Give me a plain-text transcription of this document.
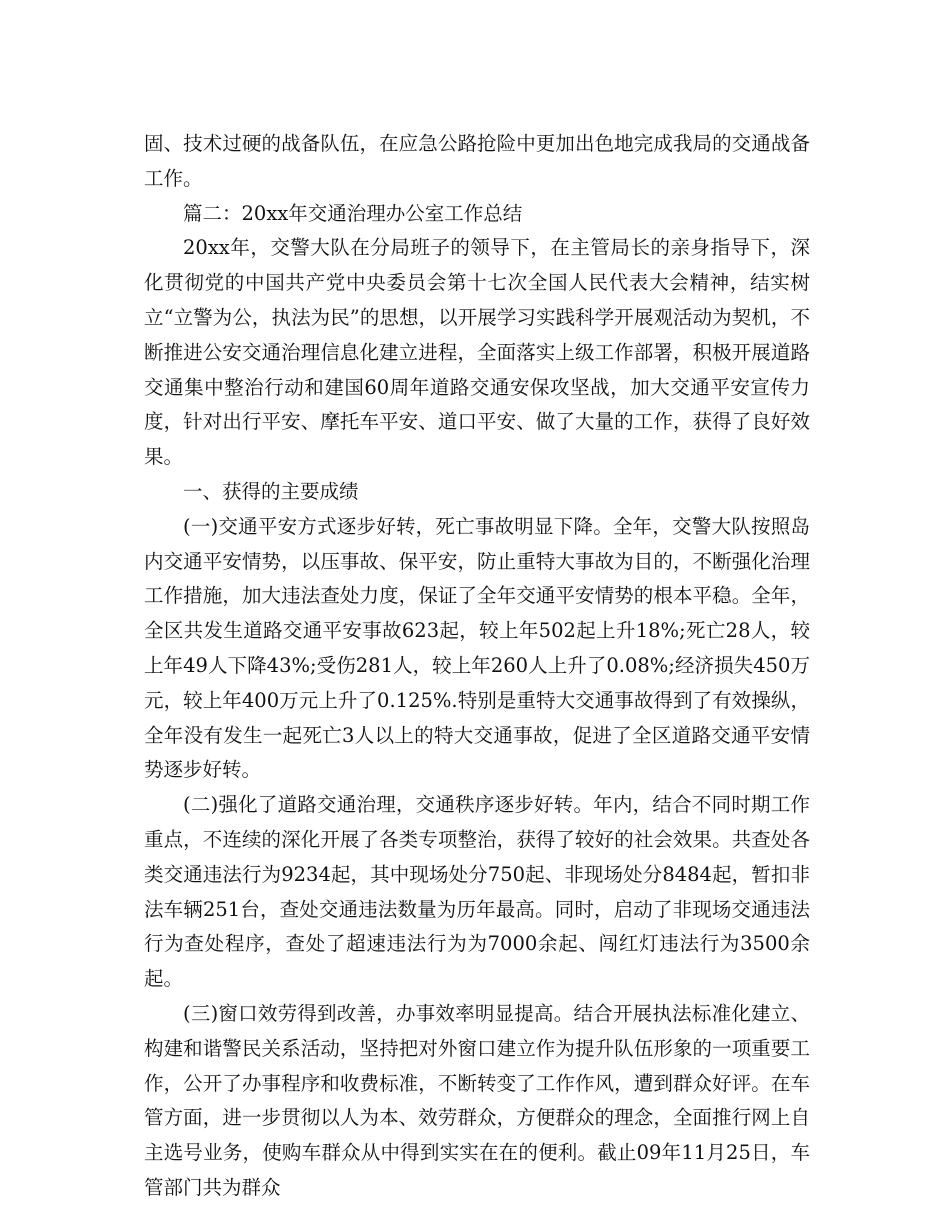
固、技术过硬的战备队伍，在应急公路抢险中更加出色地完成我局的交通战备工作。

篇二：20xx年交通治理办公室工作总结

20xx年，交警大队在分局班子的领导下，在主管局长的亲身指导下，深化贯彻党的中国共产党中央委员会第十七次全国人民代表大会精神，结实树立“立警为公，执法为民”的思想，以开展学习实践科学开展观活动为契机，不断推进公安交通治理信息化建立进程，全面落实上级工作部署，积极开展道路交通集中整治行动和建国60周年道路交通安保攻坚战，加大交通平安宣传力度，针对出行平安、摩托车平安、道口平安、做了大量的工作，获得了良好效果。

一、获得的主要成绩

(一)交通平安方式逐步好转，死亡事故明显下降。全年，交警大队按照岛内交通平安情势，以压事故、保平安，防止重特大事故为目的，不断强化治理工作措施，加大违法查处力度，保证了全年交通平安情势的根本平稳。全年，全区共发生道路交通平安事故623起，较上年502起上升18%;死亡28人，较上年49人下降43%;受伤281人，较上年260人上升了0.08%;经济损失450万元，较上年400万元上升了0.125%.特别是重特大交通事故得到了有效操纵，全年没有发生一起死亡3人以上的特大交通事故，促进了全区道路交通平安情势逐步好转。

(二)强化了道路交通治理，交通秩序逐步好转。年内，结合不同时期工作重点，不连续的深化开展了各类专项整治，获得了较好的社会效果。共查处各类交通违法行为9234起，其中现场处分750起、非现场处分8484起，暂扣非法车辆251台，查处交通违法数量为历年最高。同时，启动了非现场交通违法行为查处程序，查处了超速违法行为为7000余起、闯红灯违法行为3500余起。

(三)窗口效劳得到改善，办事效率明显提高。结合开展执法标准化建立、构建和谐警民关系活动，坚持把对外窗口建立作为提升队伍形象的一项重要工作，公开了办事程序和收费标准，不断转变了工作作风，遭到群众好评。在车管方面，进一步贯彻以人为本、效劳群众，方便群众的理念，全面推行网上自主选号业务，使购车群众从中得到实实在在的便利。截止09年11月25日，车管部门共为群众
